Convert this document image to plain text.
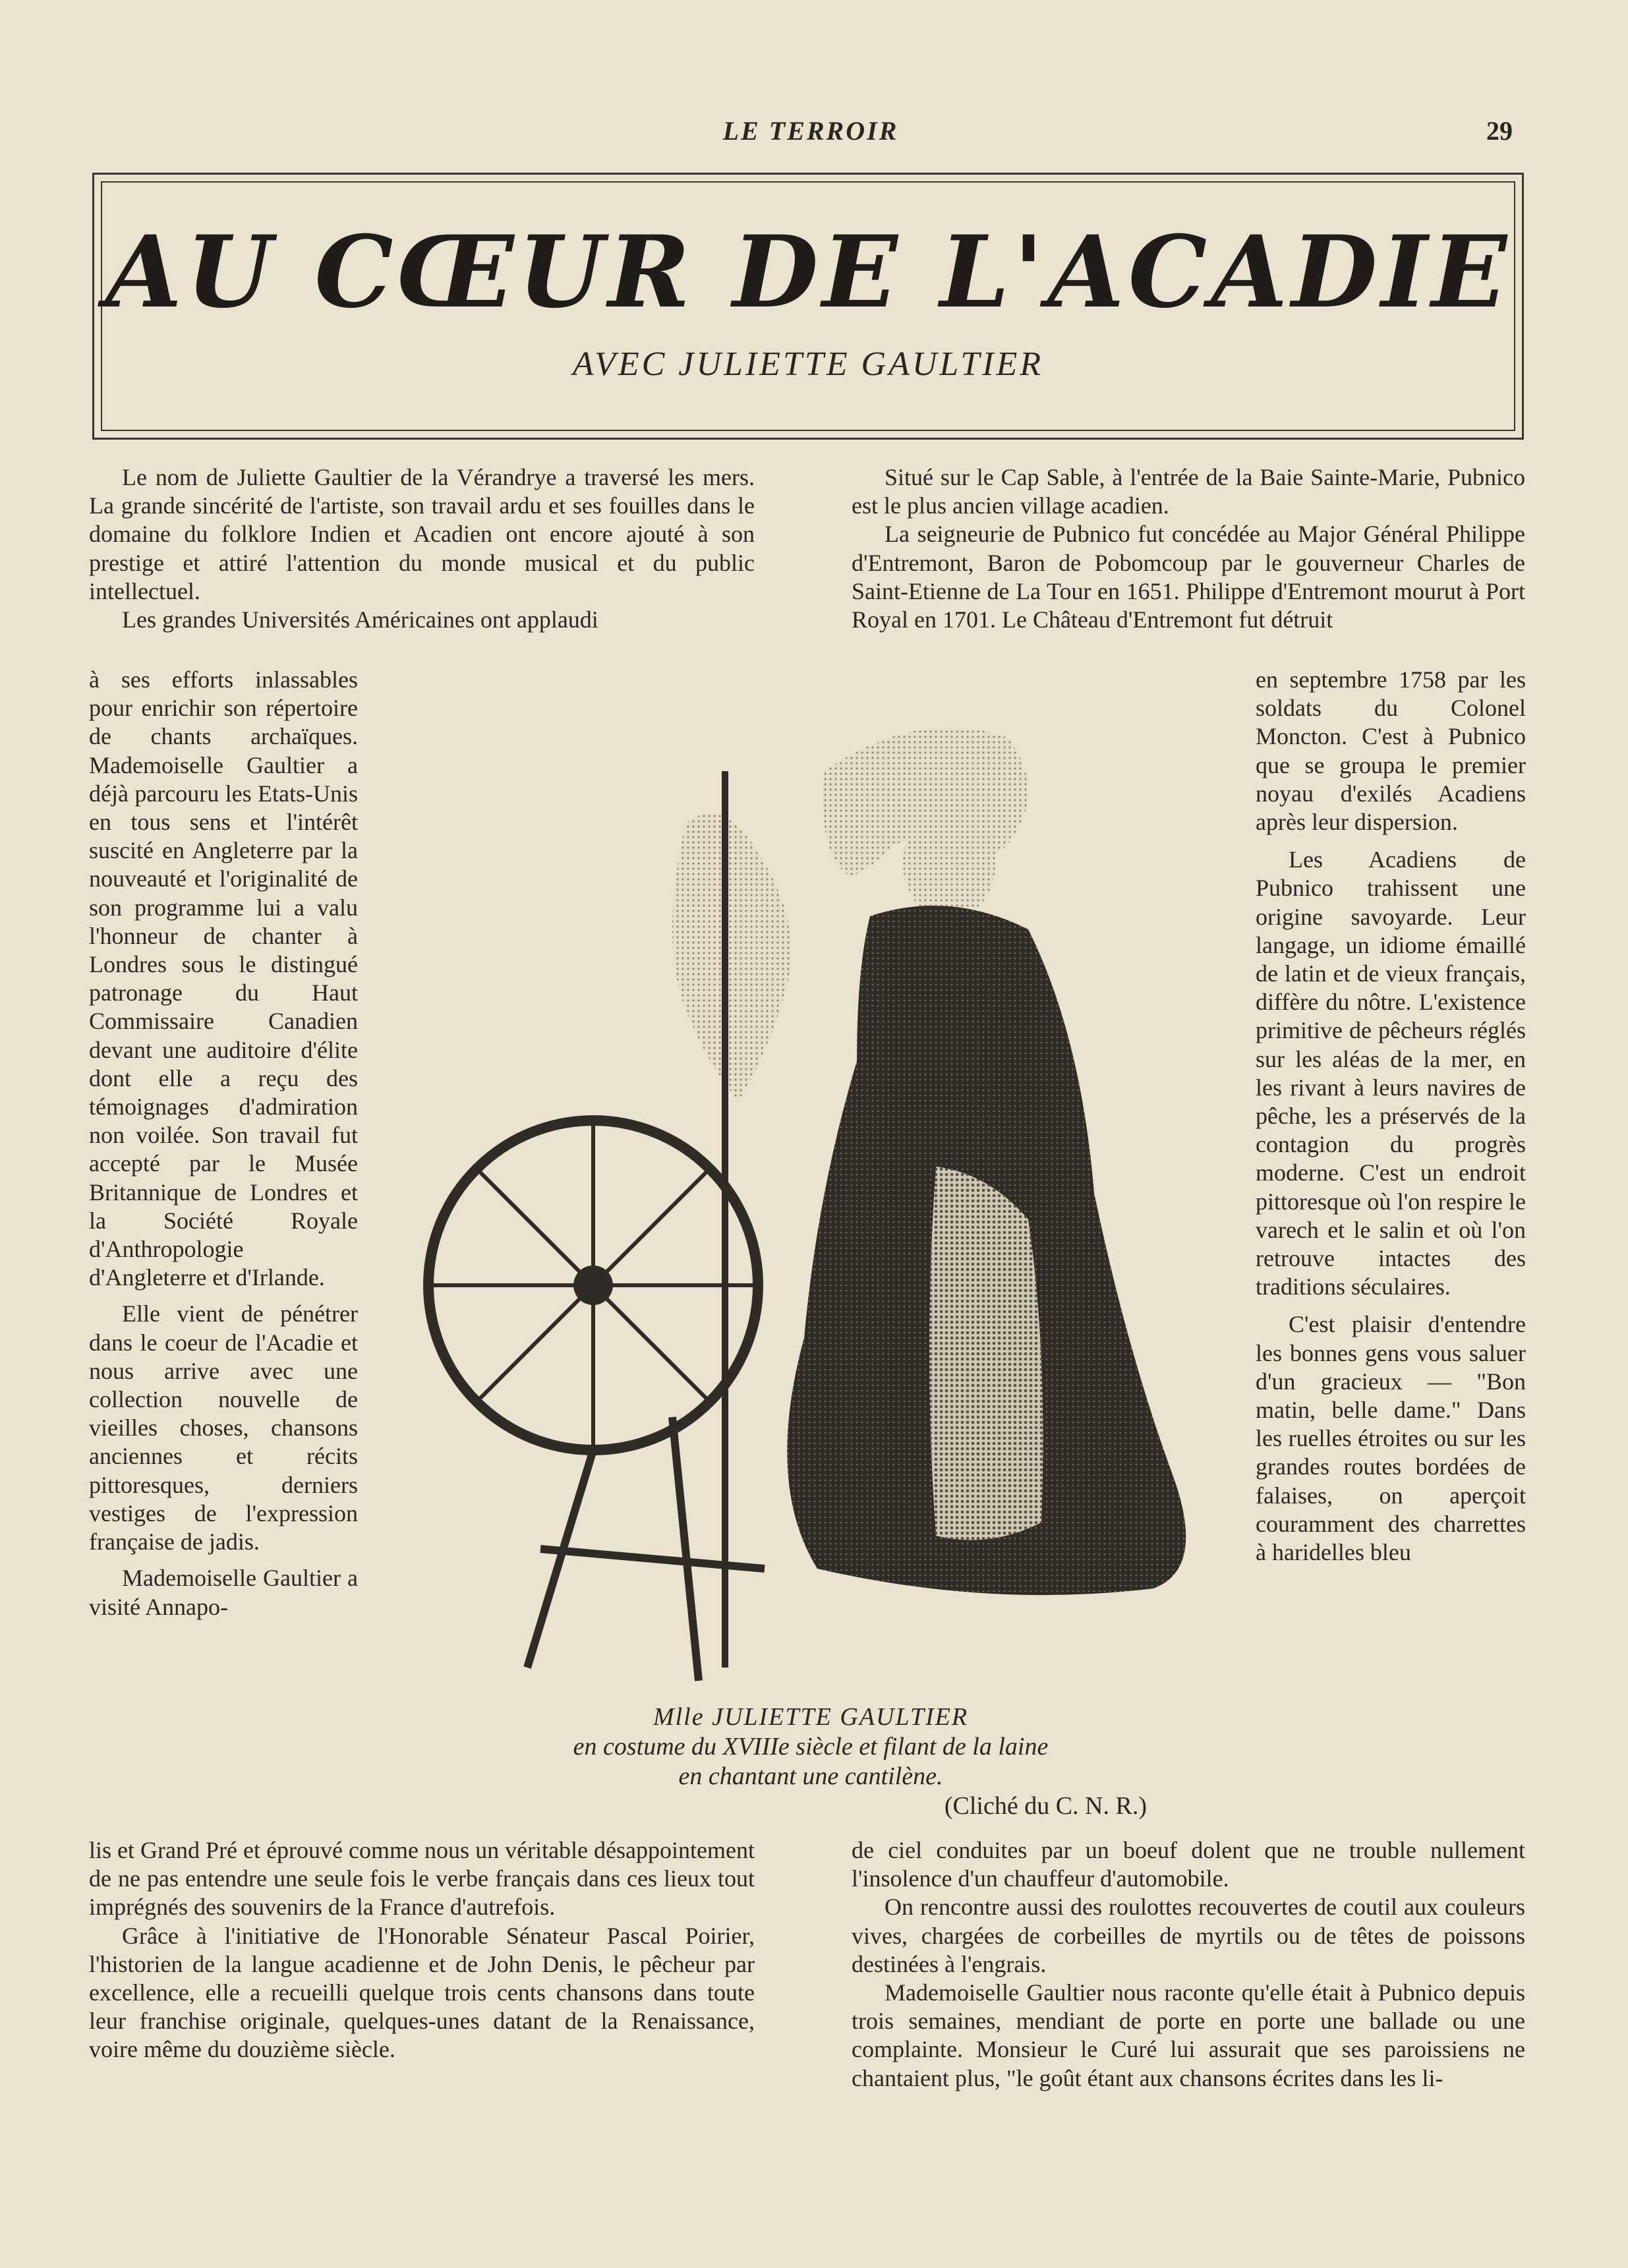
LE TERROIR	29
AU CŒUR DE L'ACADIE
AVEC JULIETTE GAULTIER

Le nom de Juliette Gaultier de la Vérandrye a traversé les mers. La grande sincérité de l'artiste, son travail ardu et ses fouilles dans le domaine du folklore Indien et Acadien ont encore ajouté à son prestige et attiré l'attention du monde musical et du public intellectuel.

Les grandes Universités Américaines ont applaudi

à ses efforts inlassables pour enrichir son répertoire de chants archaïques. Mademoiselle Gaultier a déjà parcouru les Etats-Unis en tous sens et l'intérêt suscité en Angleterre par la nouveauté et l'originalité de son programme lui a valu l'honneur de chanter à Londres sous le distingué patronage du Haut Commissaire Canadien devant une auditoire d'élite dont elle a reçu des témoignages d'admiration non voilée. Son travail fut accepté par le Musée Britannique de Londres et la Société Royale d'Anthropologie d'Angleterre et d'Irlande.

Elle vient de pénétrer dans le coeur de l'Acadie et nous arrive avec une collection nouvelle de vieilles choses, chansons anciennes et récits pittoresques, derniers vestiges de l'expression française de jadis.

Mademoiselle Gaultier a visité Annapo-

lis et Grand Pré et éprouvé comme nous un véritable désappointement de ne pas entendre une seule fois le verbe français dans ces lieux tout imprégnés des souvenirs de la France d'autrefois.

Grâce à l'initiative de l'Honorable Sénateur Pascal Poirier, l'historien de la langue acadienne et de John Denis, le pêcheur par excellence, elle a recueilli quelque trois cents chansons dans toute leur franchise originale, quelques-unes datant de la Renaissance, voire même du douzième siècle.

Situé sur le Cap Sable, à l'entrée de la Baie Sainte-Marie, Pubnico est le plus ancien village acadien.

La seigneurie de Pubnico fut concédée au Major Général Philippe d'Entremont, Baron de Pobomcoup par le gouverneur Charles de Saint-Etienne de La Tour en 1651. Philippe d'Entremont mourut à Port Royal en 1701. Le Château d'Entremont fut détruit

en septembre 1758 par les soldats du Colonel Moncton. C'est à Pubnico que se groupa le premier noyau d'exilés Acadiens après leur dispersion.

Les Acadiens de Pubnico trahissent une origine savoyarde. Leur langage, un idiome émaillé de latin et de vieux français, diffère du nôtre. L'existence primitive de pêcheurs réglés sur les aléas de la mer, en les rivant à leurs navires de pêche, les a préservés de la contagion du progrès moderne. C'est un endroit pittoresque où l'on respire le varech et le salin et où l'on retrouve intactes des traditions séculaires.

C'est plaisir d'entendre les bonnes gens vous saluer d'un gracieux — "Bon matin, belle dame." Dans les ruelles étroites ou sur les grandes routes bordées de falaises, on aperçoit couramment des charrettes à haridelles bleu

de ciel conduites par un boeuf dolent que ne trouble nullement l'insolence d'un chauffeur d'automobile.

On rencontre aussi des roulottes recouvertes de coutil aux couleurs vives, chargées de corbeilles de myrtils ou de têtes de poissons destinées à l'engrais.

Mademoiselle Gaultier nous raconte qu'elle était à Pubnico depuis trois semaines, mendiant de porte en porte une ballade ou une complainte. Monsieur le Curé lui assurait que ses paroissiens ne chantaient plus, "le goût étant aux chansons écrites dans les li-

Mlle JULIETTE GAULTIER
en costume du XVIIIe siècle et filant de la laine
en chantant une cantilène.
(Cliché du C. N. R.)
